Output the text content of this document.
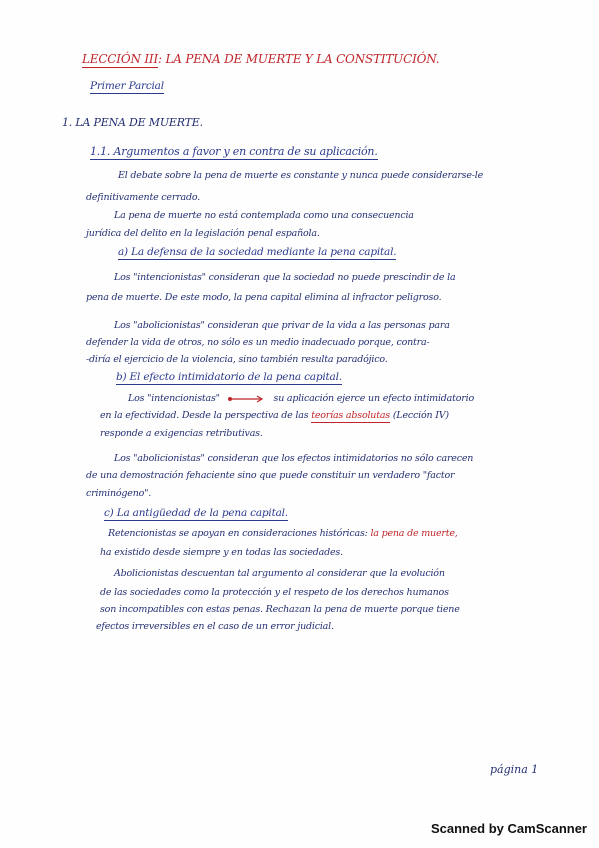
LECCIÓN III: LA PENA DE MUERTE Y LA CONSTITUCIÓN.
Primer Parcial
1. LA PENA DE MUERTE.
1.1. Argumentos a favor y en contra de su aplicación.
El debate sobre la pena de muerte es constante y nunca puede considerarse-le
definitivamente cerrado.
La pena de muerte no está contemplada como una consecuencia
jurídica del delito en la legislación penal española.
a) La defensa de la sociedad mediante la pena capital.
Los "intencionistas" consideran que la sociedad no puede prescindir de la
pena de muerte. De este modo, la pena capital elimina al infractor peligroso.
Los "abolicionistas" consideran que privar de la vida a las personas para
defender la vida de otros, no sólo es un medio inadecuado porque, contra-
-diría el ejercicio de la violencia, sino también resulta paradójico.
b) El efecto intimidatorio de la pena capital.
Los "intencionistas"	su aplicación ejerce un efecto intimidatorio
en la efectividad. Desde la perspectiva de las teorías absolutas (Lección IV)
responde a exigencias retributivas.
Los "abolicionistas" consideran que los efectos intimidatorios no sólo carecen
de una demostración fehaciente sino que puede constituir un verdadero "factor
criminógeno".
c) La antigüedad de la pena capital.
Retencionistas se apoyan en consideraciones históricas: la pena de muerte,
ha existido desde siempre y en todas las sociedades.
Abolicionistas descuentan tal argumento al considerar que la evolución
de las sociedades como la protección y el respeto de los derechos humanos
son incompatibles con estas penas. Rechazan la pena de muerte porque tiene
efectos irreversibles en el caso de un error judicial.
página 1
Scanned by CamScanner
